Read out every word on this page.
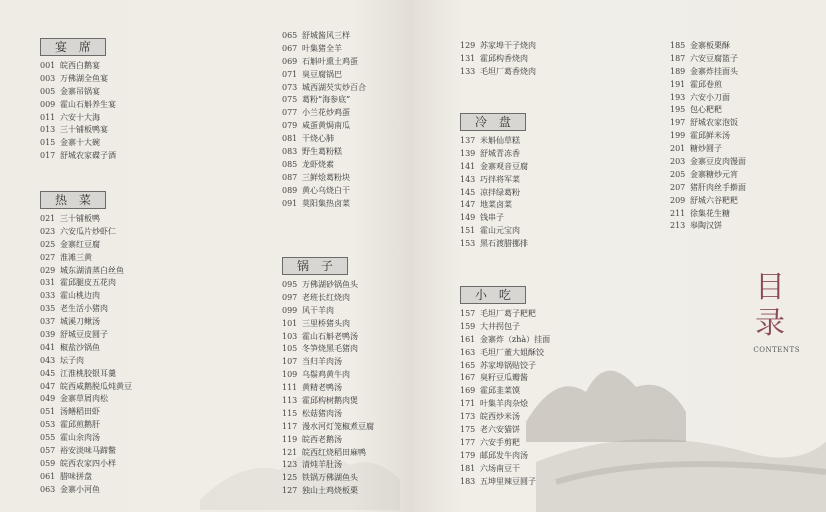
宴 席
001 皖西白鹅宴
003 万佛湖全鱼宴
005 金寨吊锅宴
009 霍山石斛养生宴
011 六安十大海
013 三十铺板鸭宴
015 金寨十大碗
017 舒城农家碟子酒
热 菜
021 三十铺板鸭
023 六安瓜片炒虾仁
025 金寨红豆腐
027 淮滩三黄
029 城东湖清蒸白丝鱼
031 霍邱腿皮五花肉
033 霍山桃边肉
035 老生活小猪肉
037 城溪刀鳅汤
039 舒城豆皮圆子
041 椒盐沙锅鱼
043 坛子肉
045 江淮桃胶银耳羹
047 皖西咸鹅脱瓜炖黄豆
049 金寨草屑肉松
051 汤鳝稻田虾
053 霍邱煎鹅肝
055 霍山余肉汤
057 裕安淡味马蹄鳖
059 皖西农家四小样
061 腊味拼盘
063 金寨小河鱼
065 舒城酱风三样
067 叶集猪全羊
069 石斛叶熏土鸡蛋
071 臭豆腐锅巴
073 城西湖芡实炒百合
075 葛粉“海参底”
077 小兰花炒鸡蛋
079 咸蛋黄焗南瓜
081 干烧心肺
083 野生葛粉糕
085 龙虾烧素
087 三鲜烩葛粉块
089 黄心乌烧白干
091 莫阳集热卤菜
锅 子
095 万佛湖砂锅鱼头
097 老班长红烧肉
099 风干羊肉
101 三里桥猪头肉
103 霍山石斛老鸭汤
105 冬笋烧黑毛猪肉
107 当归羊肉汤
109 乌鬃鸡黄牛肉
111 黄精老鸭汤
113 霍邱构树鹅肉煲
115 松菇猪肉汤
117 漫水河灯笼椒煮豆腐
119 皖西老鹅汤
121 皖西红烧稻田麻鸭
123 清炖羊肚汤
125 铁锅万佛湖鱼头
127 独山土鸡烧板栗
129 苏家埠干子烧肉
131 霍邱构香烧肉
133 毛坦厂葛香烧肉
冷 盘
137 米斛仙草糕
139 舒城青冻香
141 金寨观音豆腐
143 巧拌将军菜
145 凉拌绿葛粉
147 地菜卤菜
149 钱串子
151 霍山元宝肉
153 黑石渡腊挪排
小 吃
157 毛坦厂葛子粑粑
159 大井拐包子
161 金寨炸（zhà）挂面
163 毛坦厂董大姐酥饺
165 苏家埠锅贴饺子
167 臭籽豆瓜瓣酱
169 霍邱韭菜馍
171 叶集羊肉杂烩
173 皖西炒米汤
175 老六安猫饼
177 六安手剪粑
179 邮邱发牛肉汤
181 六场南豆干
183 五坤里辣豆圆子
185 金寨板栗酥
187 六安豆腐篮子
189 金寨炸挂面头
191 霍邱卷煎
193 六安小刀面
195 包心粑粑
197 舒城农家泡饭
199 霍邱鲜米汤
201 糖炒圆子
203 金寨豆皮肉馒面
205 金寨糖炒元宵
207 猪肝肉丝手擀面
209 舒城六谷粑粑
211 徐集花生糖
213 皋陶汉饼
目录
CONTENTS
